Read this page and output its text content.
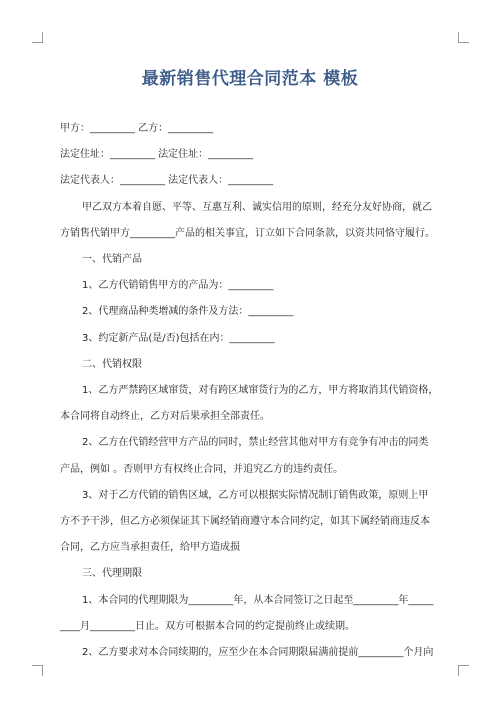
最新销售代理合同范本 模板
甲方：_________ 乙方：_________
法定住址：_________ 法定住址：_________
法定代表人：_________ 法定代表人：_________
甲乙双方本着自愿、平等、互惠互利、诚实信用的原则，经充分友好协商，就乙
方销售代销甲方_________产品的相关事宜，订立如下合同条款，以资共同恪守履行。
一、代销产品
1、乙方代销销售甲方的产品为：_________
2、代理商品种类增减的条件及方法：_________
3、约定新产品(是/否)包括在内：_________
二、代销权限
1、乙方严禁跨区域窜货，对有跨区域窜货行为的乙方，甲方将取消其代销资格，
本合同将自动终止，乙方对后果承担全部责任。
2、乙方在代销经营甲方产品的同时，禁止经营其他对甲方有竞争有冲击的同类
产品，例如 。否则甲方有权终止合同，并追究乙方的违约责任。
3、对于乙方代销的销售区域，乙方可以根据实际情况制订销售政策，原则上甲
方不予干涉，但乙方必须保证其下属经销商遵守本合同约定，如其下属经销商违反本
合同，乙方应当承担责任，给甲方造成损
三、代理期限
1、本合同的代理期限为_________年，从本合同签订之日起至_________年_____
____月_________日止。双方可根据本合同的约定提前终止或续期。
2、乙方要求对本合同续期的，应至少在本合同期限届满前提前_________个月向
